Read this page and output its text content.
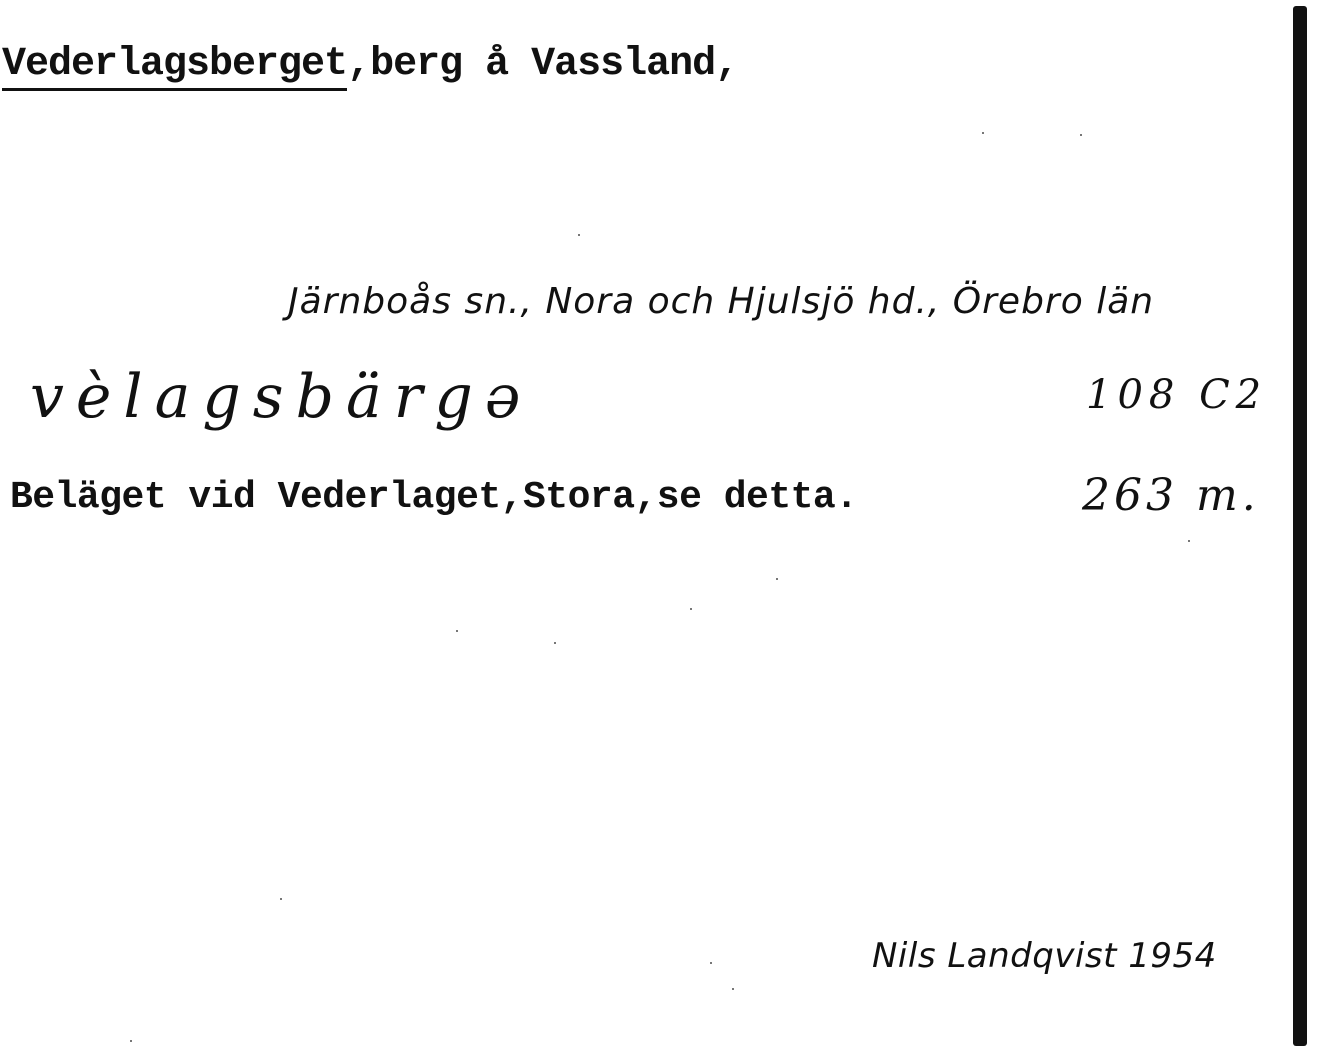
Vederlagsberget,berg å Vassland,
Järnboås sn., Nora och Hjulsjö hd., Örebro län
vèlagsbärgə	108 C2
Beläget vid Vederlaget,Stora,se detta.	263 m.
Nils Landqvist 1954
